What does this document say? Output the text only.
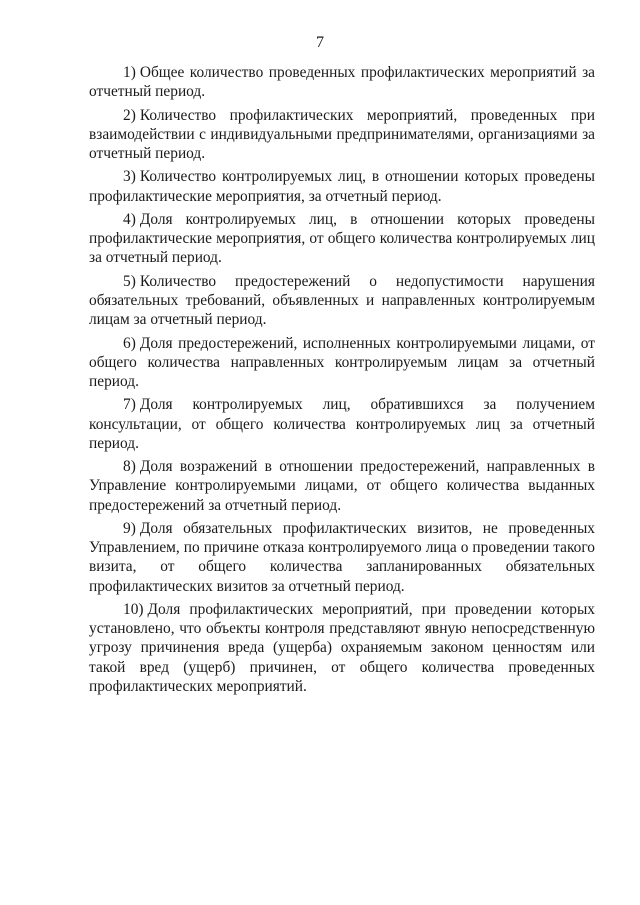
7

1) Общее количество проведенных профилактических мероприятий за отчетный период.

2) Количество профилактических мероприятий, проведенных при взаимодействии с индивидуальными предпринимателями, организациями за отчетный период.

3) Количество контролируемых лиц, в отношении которых проведены профилактические мероприятия, за отчетный период.

4) Доля контролируемых лиц, в отношении которых проведены профилактические мероприятия, от общего количества контролируемых лиц за отчетный период.

5) Количество предостережений о недопустимости нарушения обязательных требований, объявленных и направленных контролируемым лицам за отчетный период.

6) Доля предостережений, исполненных контролируемыми лицами, от общего количества направленных контролируемым лицам за отчетный период.

7) Доля контролируемых лиц, обратившихся за получением консультации, от общего количества контролируемых лиц за отчетный период.

8) Доля возражений в отношении предостережений, направленных в Управление контролируемыми лицами, от общего количества выданных предостережений за отчетный период.

9) Доля обязательных профилактических визитов, не проведенных Управлением, по причине отказа контролируемого лица о проведении такого визита, от общего количества запланированных обязательных профилактических визитов за отчетный период.

10) Доля профилактических мероприятий, при проведении которых установлено, что объекты контроля представляют явную непосредственную угрозу причинения вреда (ущерба) охраняемым законом ценностям или такой вред (ущерб) причинен, от общего количества проведенных профилактических мероприятий.
